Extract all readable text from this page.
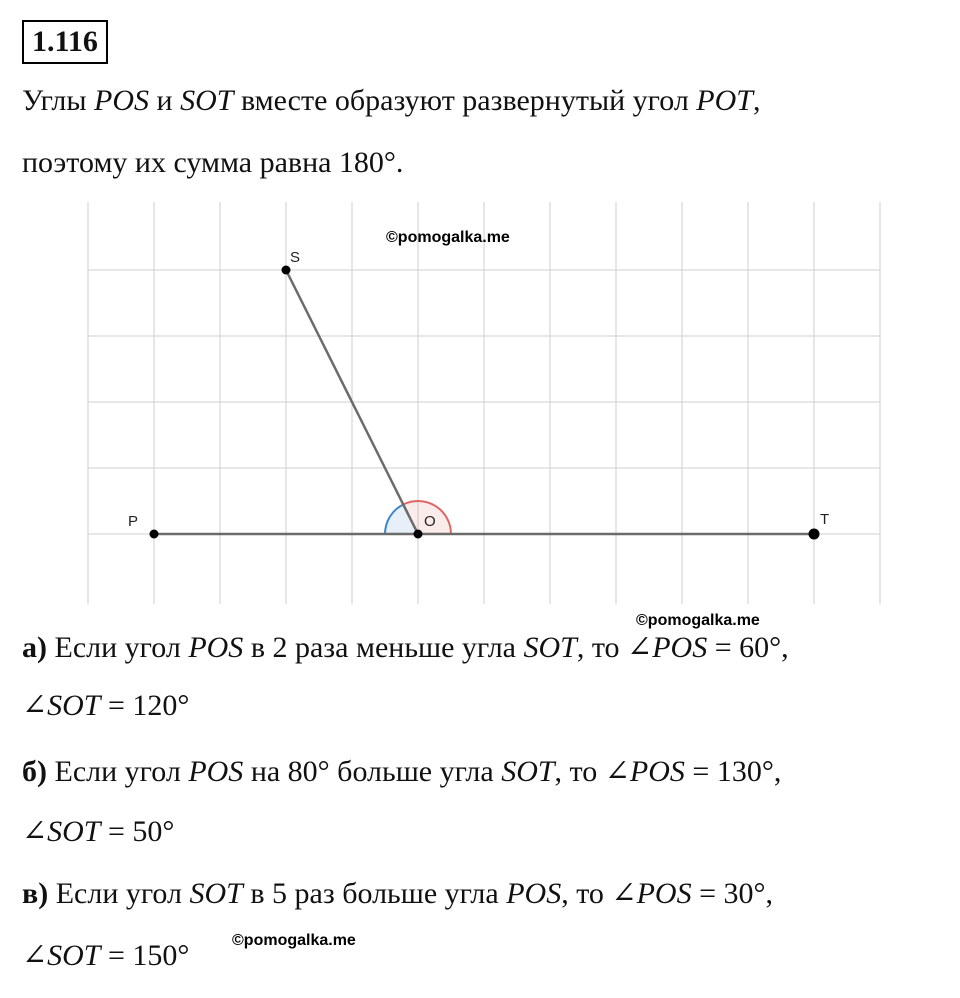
1.116
Углы POS и SOT вместе образуют развернутый угол POT,
поэтому их сумма равна 180°.
P	O	T
S
©pomogalka.me
©pomogalka.me
©pomogalka.me
а) Если угол POS в 2 раза меньше угла SOT, то ∠POS = 60°,
∠SOT = 120°
б) Если угол POS на 80° больше угла SOT, то ∠POS = 130°,
∠SOT = 50°
в) Если угол SOT в 5 раз больше угла POS, то ∠POS = 30°,
∠SOT = 150°
